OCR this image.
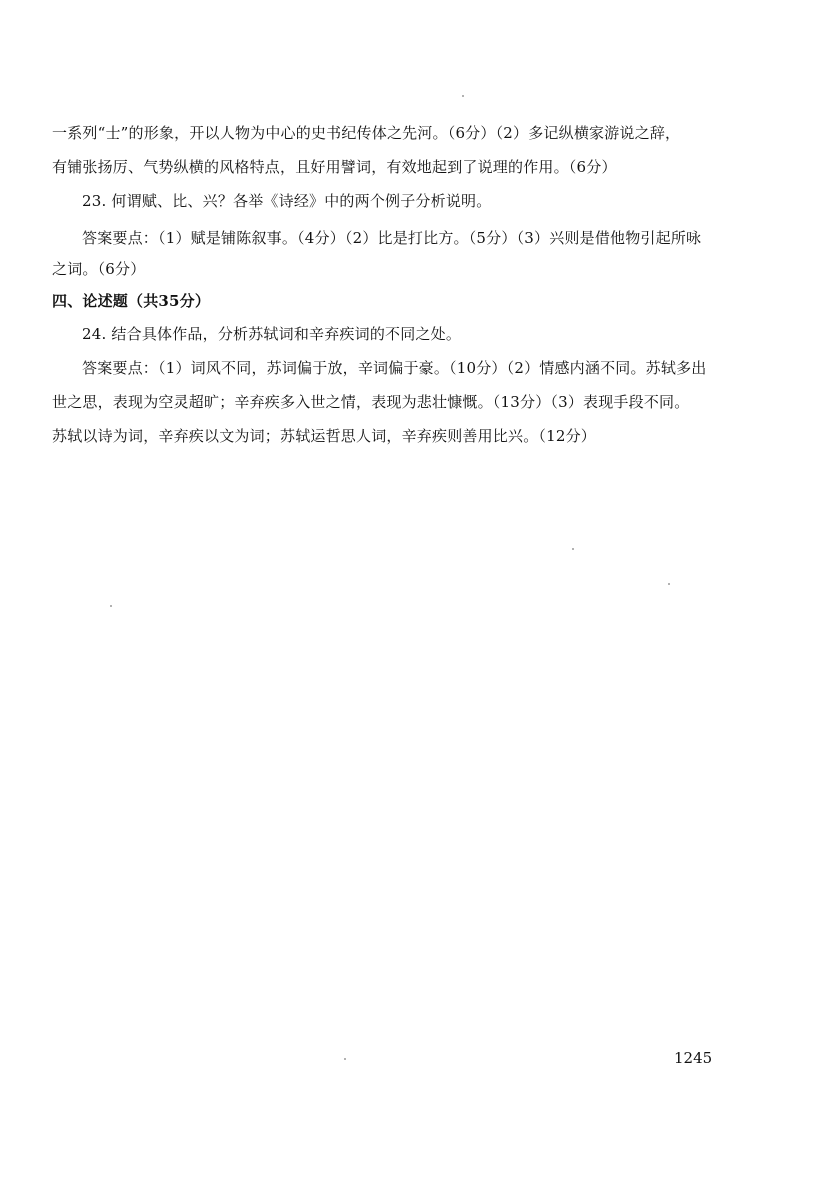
一系列“士”的形象，开以人物为中心的史书纪传体之先河。（6分）（2）多记纵横家游说之辞，
有铺张扬厉、气势纵横的风格特点，且好用譬词，有效地起到了说理的作用。（6分）
23. 何谓赋、比、兴？各举《诗经》中的两个例子分析说明。
答案要点：（1）赋是铺陈叙事。（4分）（2）比是打比方。（5分）（3）兴则是借他物引起所咏
之词。（6分）
四、论述题（共35分）
24. 结合具体作品，分析苏轼词和辛弃疾词的不同之处。
答案要点：（1）词风不同，苏词偏于放，辛词偏于豪。（10分）（2）情感内涵不同。苏轼多出
世之思，表现为空灵超旷；辛弃疾多入世之情，表现为悲壮慷慨。（13分）（3）表现手段不同。
苏轼以诗为词，辛弃疾以文为词；苏轼运哲思人词，辛弃疾则善用比兴。（12分）
1245
